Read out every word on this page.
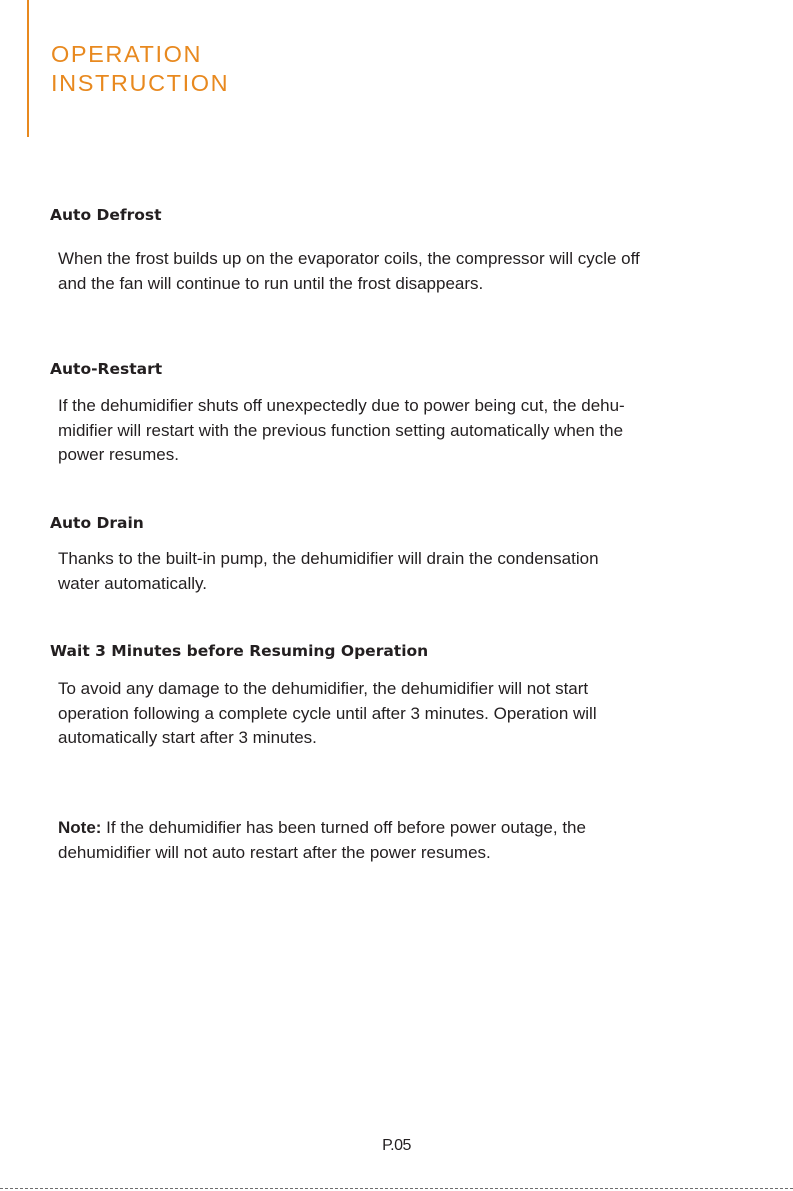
OPERATION
INSTRUCTION
Auto Defrost
When the frost builds up on the evaporator coils, the compressor will cycle off
and the fan will continue to run until the frost disappears.
Auto-Restart
If the dehumidifier shuts off unexpectedly due to power being cut, the dehu-
midifier will restart with the previous function setting automatically when the
power resumes.
Auto Drain
Thanks to the built-in pump, the dehumidifier will drain the condensation
water automatically.
Wait 3 Minutes before Resuming Operation
To avoid any damage to the dehumidifier, the dehumidifier will not start
operation following a complete cycle until after 3 minutes. Operation will
automatically start after 3 minutes.
Note: If the dehumidifier has been turned off before power outage, the
dehumidifier will not auto restart after the power resumes.
P.05
